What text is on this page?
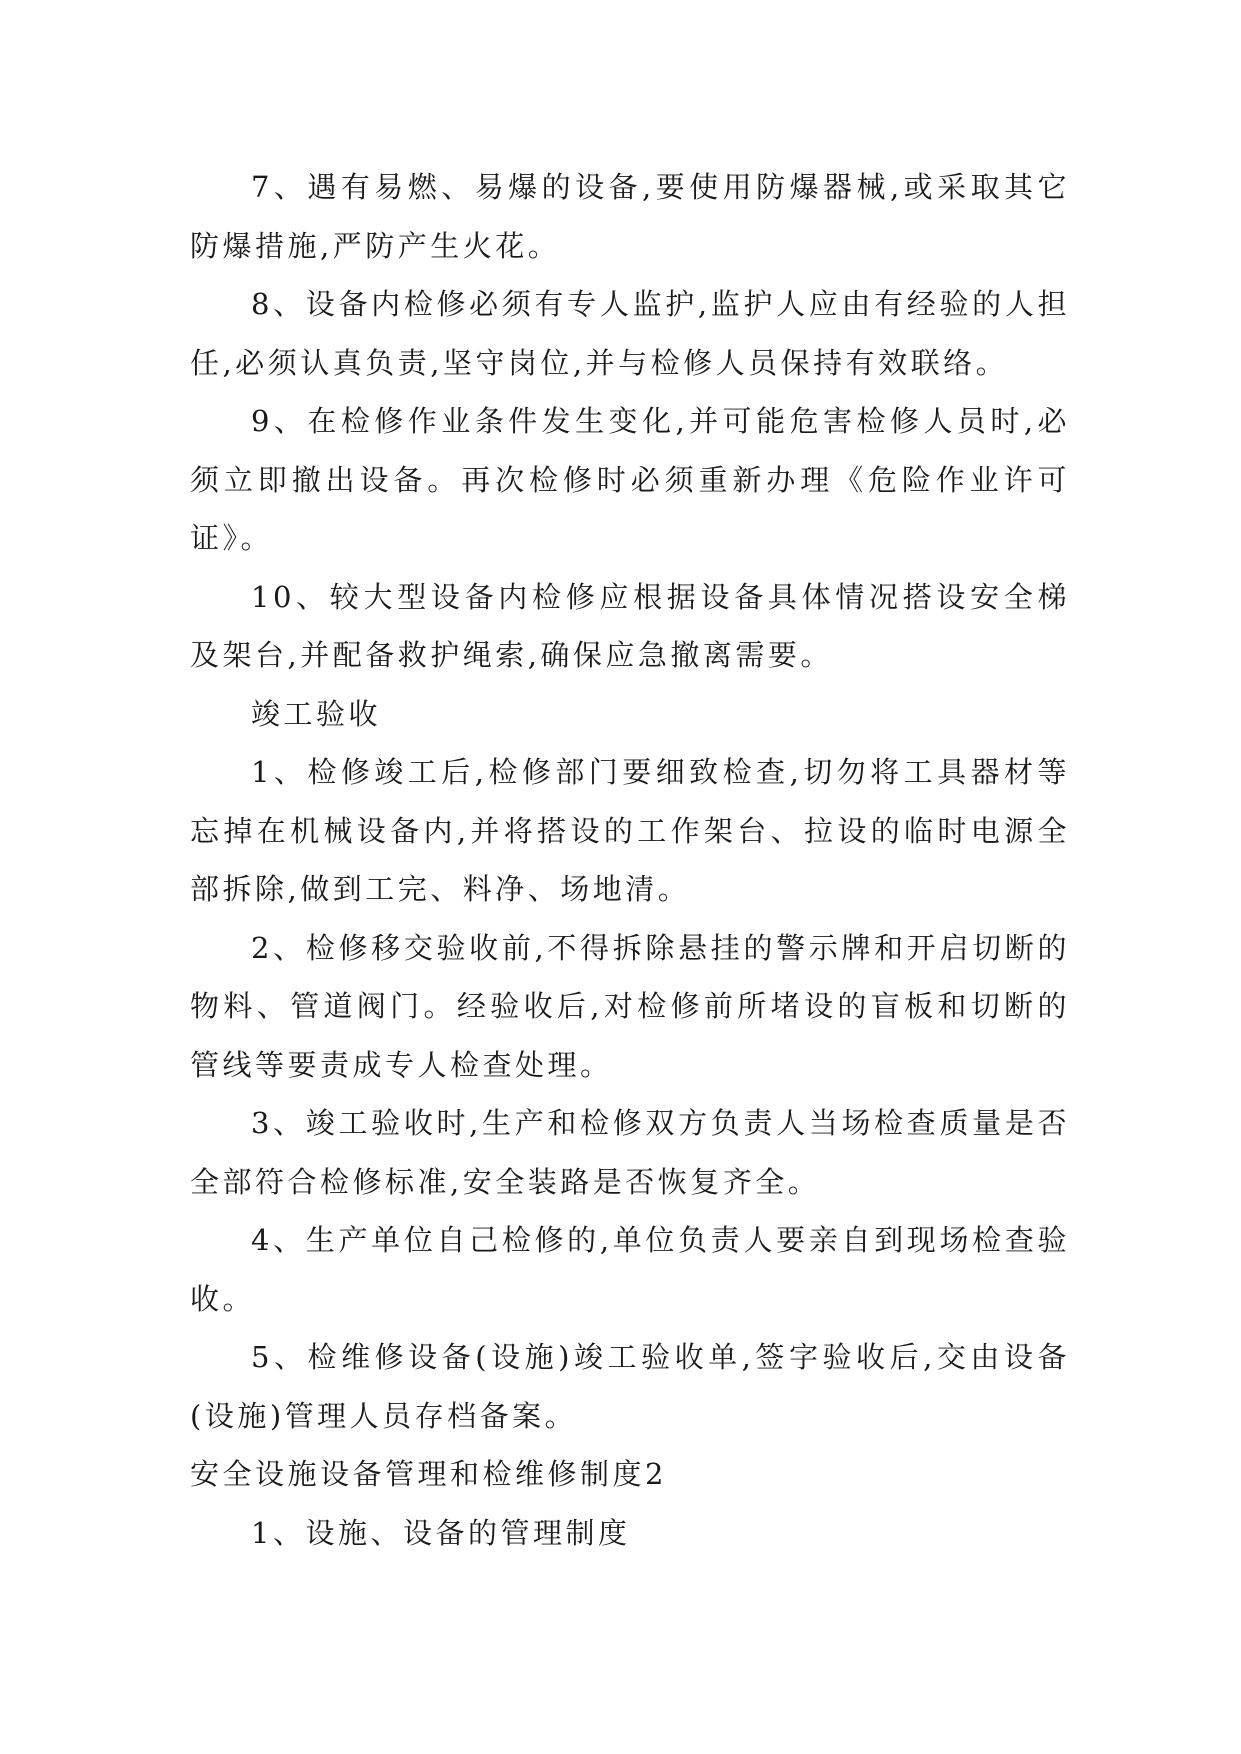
7、遇有易燃、易爆的设备,要使用防爆器械,或采取其它防爆措施,严防产生火花。

8、设备内检修必须有专人监护,监护人应由有经验的人担任,必须认真负责,坚守岗位,并与检修人员保持有效联络。

9、在检修作业条件发生变化,并可能危害检修人员时,必须立即撤出设备。再次检修时必须重新办理《危险作业许可证》。

10、较大型设备内检修应根据设备具体情况搭设安全梯及架台,并配备救护绳索,确保应急撤离需要。

竣工验收

1、检修竣工后,检修部门要细致检查,切勿将工具器材等忘掉在机械设备内,并将搭设的工作架台、拉设的临时电源全部拆除,做到工完、料净、场地清。

2、检修移交验收前,不得拆除悬挂的警示牌和开启切断的物料、管道阀门。经验收后,对检修前所堵设的盲板和切断的管线等要责成专人检查处理。

3、竣工验收时,生产和检修双方负责人当场检查质量是否全部符合检修标准,安全装路是否恢复齐全。

4、生产单位自己检修的,单位负责人要亲自到现场检查验收。

5、检维修设备(设施)竣工验收单,签字验收后,交由设备(设施)管理人员存档备案。

安全设施设备管理和检维修制度2

1、设施、设备的管理制度
